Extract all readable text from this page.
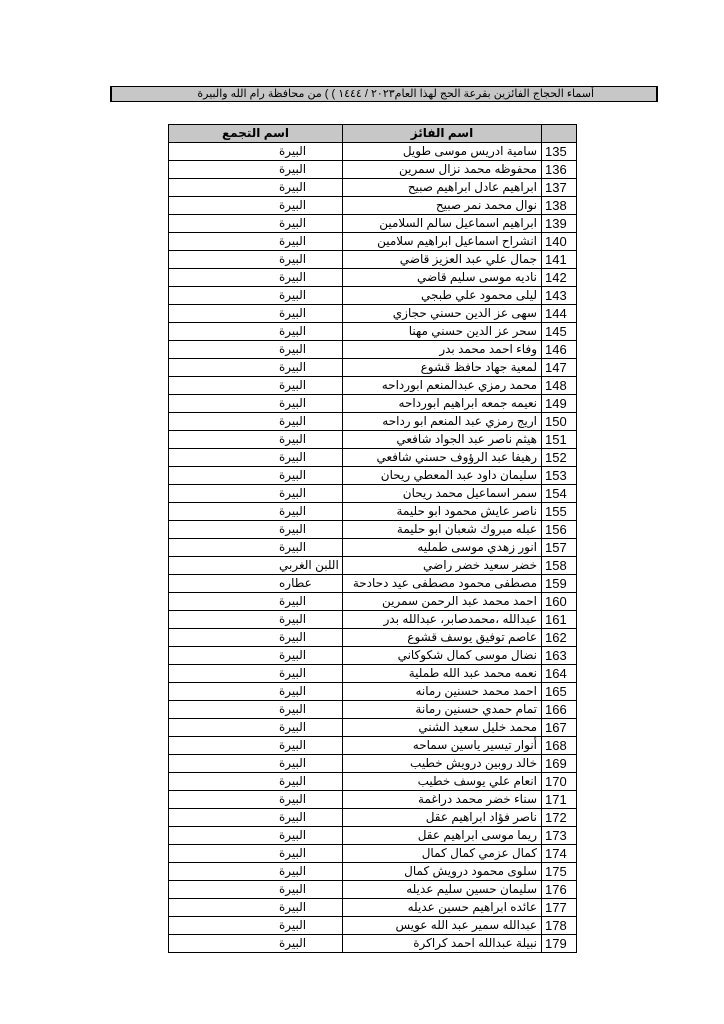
أسماء الحجاج الفائزين بقرعة الحج لهذا العام٢٠٢٣ / ١٤٤٤ ) ) من محافظة رام الله والبيرة
اسم التجمع	اسم الفائز	
البيرة	سامية ادريس موسى طويل	135
البيرة	محفوظه محمد نزال سمرين	136
البيرة	ابراهيم عادل ابراهيم صبيح	137
البيرة	نوال محمد نمر صبيح	138
البيرة	ابراهيم اسماعيل سالم السلامين	139
البيرة	انشراح اسماعيل ابراهيم سلامين	140
البيرة	جمال علي عبد العزيز قاضي	141
البيرة	ناديه موسى سليم قاضي	142
البيرة	ليلى محمود علي طبجي	143
البيرة	سهى عز الدين حسني حجازي	144
البيرة	سحر عز الدين حسني مهنا	145
البيرة	وفاء احمد محمد بدر	146
البيرة	لمعية جهاد حافظ قشوع	147
البيرة	محمد رمزي عبدالمنعم ابورداحه	148
البيرة	نعيمه جمعه ابراهيم ابورداحه	149
البيرة	اريج رمزي عبد المنعم ابو رداحه	150
البيرة	هيثم ناصر عبد الجواد شافعي	151
البيرة	رهيفا عبد الرؤوف حسني شافعي	152
البيرة	سليمان داود عبد المعطي ريحان	153
البيرة	سمر اسماعيل محمد ريحان	154
البيرة	ناصر عايش محمود ابو حليمة	155
البيرة	عبله مبروك شعبان ابو حليمة	156
البيرة	انور زهدي موسى طمليه	157
اللبن الغربي	خضر سعيد خضر راضي	158
عطاره	مصطفى محمود مصطفى عيد دحادحة	159
البيرة	احمد محمد عبد الرحمن سمرين	160
البيرة	عبدالله ،محمدصابر، عبدالله بدر	161
البيرة	عاصم توفيق يوسف قشوع	162
البيرة	نضال موسى كمال شكوكاني	163
البيرة	نعمه محمد عبد الله طملية	164
البيرة	احمد محمد حسنين رمانه	165
البيرة	تمام حمدي حسنين رمانة	166
البيرة	محمد خليل سعيد الشني	167
البيرة	أنوار تيسير ياسين سماحه	168
البيرة	خالد روبين درويش خطيب	169
البيرة	انعام علي يوسف خطيب	170
البيرة	سناء خضر محمد دراغمة	171
البيرة	ناصر فؤاد ابراهيم عقل	172
البيرة	ريما موسى ابراهيم عقل	173
البيرة	كمال عزمي كمال كمال	174
البيرة	سلوى محمود درويش كمال	175
البيرة	سليمان حسين سليم عديله	176
البيرة	عائده ابراهيم حسين عديله	177
البيرة	عبدالله سمير عبد الله عويس	178
البيرة	نبيلة عبدالله احمد كراكرة	179
